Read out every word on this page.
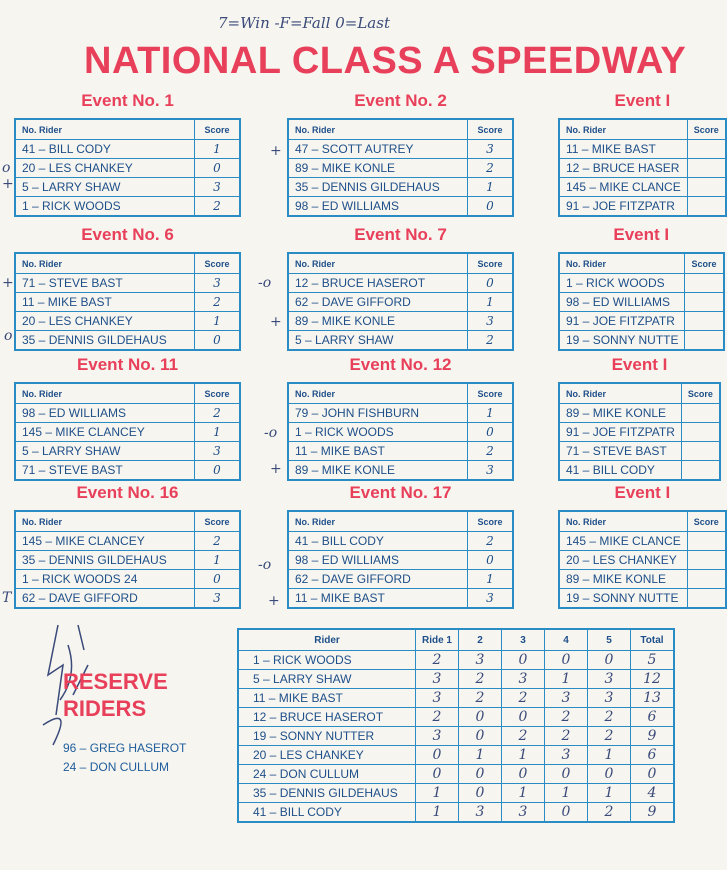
7=Win -F=Fall 0=Last
NATIONAL CLASS A SPEEDWAY
Event No. 1
No. Rider	Score
41 – BILL CODY	1
20 – LES CHANKEY	0
5 – LARRY SHAW	3
1 – RICK WOODS	2
Event No. 2
No. Rider	Score
47 – SCOTT AUTREY	3
89 – MIKE KONLE	2
35 – DENNIS GILDEHAUS	1
98 – ED WILLIAMS	0
Event I
No. Rider	Score
11 – MIKE BAST	
12 – BRUCE HASER	
145 – MIKE CLANCE	
91 – JOE FITZPATR	
Event No. 6
No. Rider	Score
71 – STEVE BAST	3
11 – MIKE BAST	2
20 – LES CHANKEY	1
35 – DENNIS GILDEHAUS	0
Event No. 7
No. Rider	Score
12 – BRUCE HASEROT	0
62 – DAVE GIFFORD	1
89 – MIKE KONLE	3
5 – LARRY SHAW	2
Event I
No. Rider	Score
1 – RICK WOODS	
98 – ED WILLIAMS	
91 – JOE FITZPATR	
19 – SONNY NUTTE	
Event No. 11
No. Rider	Score
98 – ED WILLIAMS	2
145 – MIKE CLANCEY	1
5 – LARRY SHAW	3
71 – STEVE BAST	0
Event No. 12
No. Rider	Score
79 – JOHN FISHBURN	1
1 – RICK WOODS	0
11 – MIKE BAST	2
89 – MIKE KONLE	3
Event I
No. Rider	Score
89 – MIKE KONLE	
91 – JOE FITZPATR	
71 – STEVE BAST	
41 – BILL CODY	
Event No. 16
No. Rider	Score
145 – MIKE CLANCEY	2
35 – DENNIS GILDEHAUS	1
1 – RICK WOODS 24	0
62 – DAVE GIFFORD	3
Event No. 17
No. Rider	Score
41 – BILL CODY	2
98 – ED WILLIAMS	0
62 – DAVE GIFFORD	1
11 – MIKE BAST	3
Event I
No. Rider	Score
145 – MIKE CLANCE	
20 – LES CHANKEY	
89 – MIKE KONLE	
19 – SONNY NUTTE	
o
+
+
+	-o
+
o
-o
+
-o
T	+
RESERVE
RIDERS
96 – GREG HASEROT
24 – DON CULLUM
Rider	Ride 1	2	3	4	5	Total
1 – RICK WOODS	2	3	0	0	0	5
5 – LARRY SHAW	3	2	3	1	3	12
11 – MIKE BAST	3	2	2	3	3	13
12 – BRUCE HASEROT	2	0	0	2	2	6
19 – SONNY NUTTER	3	0	2	2	2	9
20 – LES CHANKEY	0	1	1	3	1	6
24 – DON CULLUM	0	0	0	0	0	0
35 – DENNIS GILDEHAUS	1	0	1	1	1	4
41 – BILL CODY	1	3	3	0	2	9
